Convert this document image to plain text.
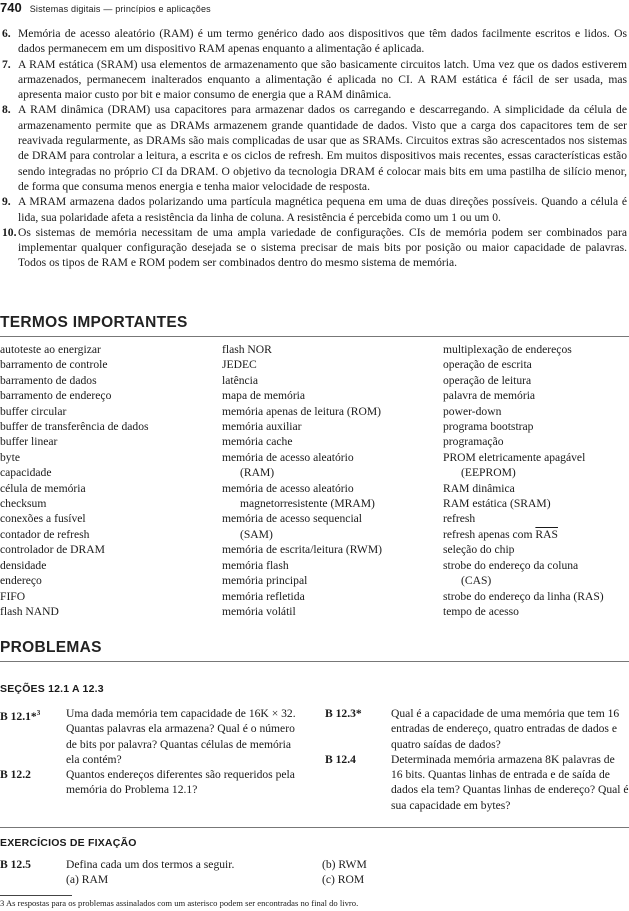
740 Sistemas digitais — princípios e aplicações
6. Memória de acesso aleatório (RAM) é um termo genérico dado aos dispositivos que têm dados facilmente escritos e lidos. Os dados permanecem em um dispositivo RAM apenas enquanto a alimentação é aplicada.
7. A RAM estática (SRAM) usa elementos de armazenamento que são basicamente circuitos latch. Uma vez que os dados estiverem armazenados, permanecem inalterados enquanto a alimentação é aplicada no CI. A RAM estática é fácil de ser usada, mas apresenta maior custo por bit e maior consumo de energia que a RAM dinâmica.
8. A RAM dinâmica (DRAM) usa capacitores para armazenar dados os carregando e descarregando. A simplicidade da célula de armazenamento permite que as DRAMs armazenem grande quantidade de dados. Visto que a carga dos capacitores tem de ser reavivada regularmente, as DRAMs são mais complicadas de usar que as SRAMs. Circuitos extras são acrescentados nos sistemas de DRAM para controlar a leitura, a escrita e os ciclos de refresh. Em muitos dispositivos mais recentes, essas características estão sendo integradas no próprio CI da DRAM. O objetivo da tecnologia DRAM é colocar mais bits em uma pastilha de silício menor, de forma que consuma menos energia e tenha maior velocidade de resposta.
9. A MRAM armazena dados polarizando uma partícula magnética pequena em uma de duas direções possíveis. Quando a célula é lida, sua polaridade afeta a resistência da linha de coluna. A resistência é percebida como um 1 ou um 0.
10. Os sistemas de memória necessitam de uma ampla variedade de configurações. CIs de memória podem ser combinados para implementar qualquer configuração desejada se o sistema precisar de mais bits por posição ou maior capacidade de palavras. Todos os tipos de RAM e ROM podem ser combinados dentro do mesmo sistema de memória.
TERMOS IMPORTANTES
autoteste ao energizar
barramento de controle
barramento de dados
barramento de endereço
buffer circular
buffer de transferência de dados
buffer linear
byte
capacidade
célula de memória
checksum
conexões a fusível
contador de refresh
controlador de DRAM
densidade
endereço
FIFO
flash NAND
flash NOR
JEDEC
latência
mapa de memória
memória apenas de leitura (ROM)
memória auxiliar
memória cache
memória de acesso aleatório
(RAM)
memória de acesso aleatório
magnetorresistente (MRAM)
memória de acesso sequencial
(SAM)
memória de escrita/leitura (RWM)
memória flash
memória principal
memória refletida
memória volátil
multiplexação de endereços
operação de escrita
operação de leitura
palavra de memória
power-down
programa bootstrap
programação
PROM eletricamente apagável
(EEPROM)
RAM dinâmica
RAM estática (SRAM)
refresh
refresh apenas com $\overline{RAS}$
seleção do chip
strobe do endereço da coluna
(CAS)
strobe do endereço da linha (RAS)
tempo de acesso
PROBLEMAS
SEÇÕES 12.1 A 12.3
B 12.1*$^3$	Uma dada memória tem capacidade de 16K × 32. Quantas palavras ela armazena? Qual é o número de bits por palavra? Quantas células de memória ela contém?
B 12.2	Quantos endereços diferentes são requeridos pela memória do Problema 12.1?
B 12.3*	Qual é a capacidade de uma memória que tem 16 entradas de endereço, quatro entradas de dados e quatro saídas de dados?
B 12.4	Determinada memória armazena 8K palavras de 16 bits. Quantas linhas de entrada e de saída de dados ela tem? Quantas linhas de endereço? Qual é sua capacidade em bytes?
EXERCÍCIOS DE FIXAÇÃO
B 12.5	Defina cada um dos termos a seguir.
(a) RAM
(b) RWM
(c) ROM
3 As respostas para os problemas assinalados com um asterisco podem ser encontradas no final do livro.
